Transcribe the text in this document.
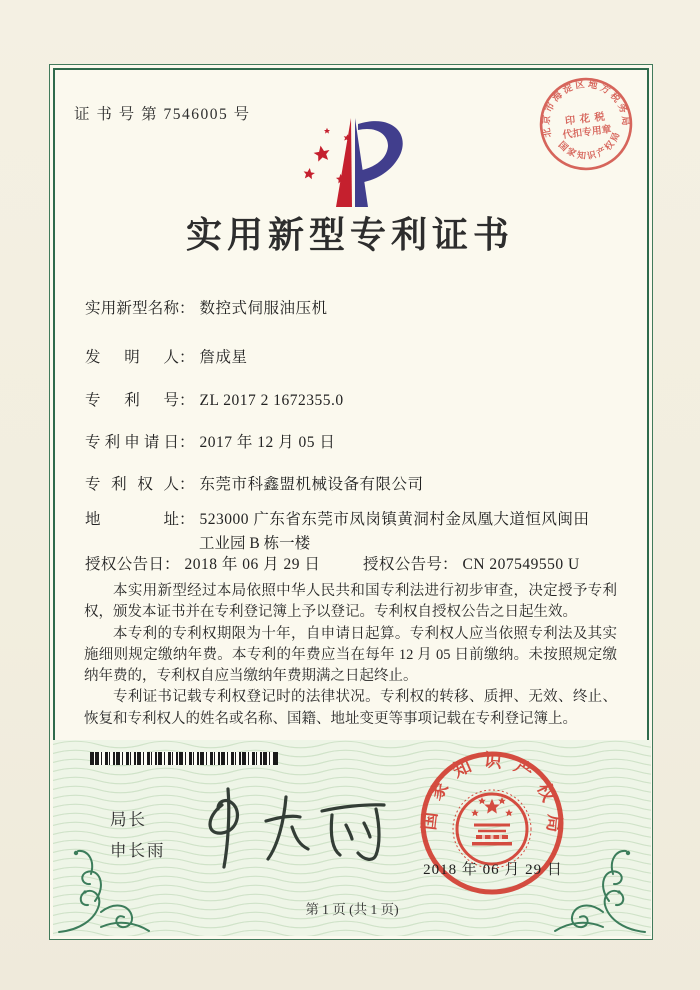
证 书 号 第 7546005 号
实用新型专利证书
实用新型名称： 数控式伺服油压机
发明人： 詹成星
专利号： ZL 2017 2 1672355.0
专利申请日： 2017 年 12 月 05 日
专利权人： 东莞市科鑫盟机械设备有限公司
地址： 523000 广东省东莞市凤岗镇黄洞村金凤凰大道恒风闽田
工业园 B 栋一楼
授权公告日： 2018 年 06 月 29 日	授权公告号： CN 207549550 U

本实用新型经过本局依照中华人民共和国专利法进行初步审查，决定授予专利权，颁发本证书并在专利登记簿上予以登记。专利权自授权公告之日起生效。

本专利的专利权期限为十年，自申请日起算。专利权人应当依照专利法及其实施细则规定缴纳年费。本专利的年费应当在每年 12 月 05 日前缴纳。未按照规定缴纳年费的，专利权自应当缴纳年费期满之日起终止。

专利证书记载专利权登记时的法律状况。专利权的转移、质押、无效、终止、恢复和专利权人的姓名或名称、国籍、地址变更等事项记载在专利登记簿上。

局长
申长雨
国家知识产权局
2018 年 06 月 29 日
第 1 页 (共 1 页)
北京市海淀区地方税务局
国家知识产权局
印 花 税
代扣专用章
